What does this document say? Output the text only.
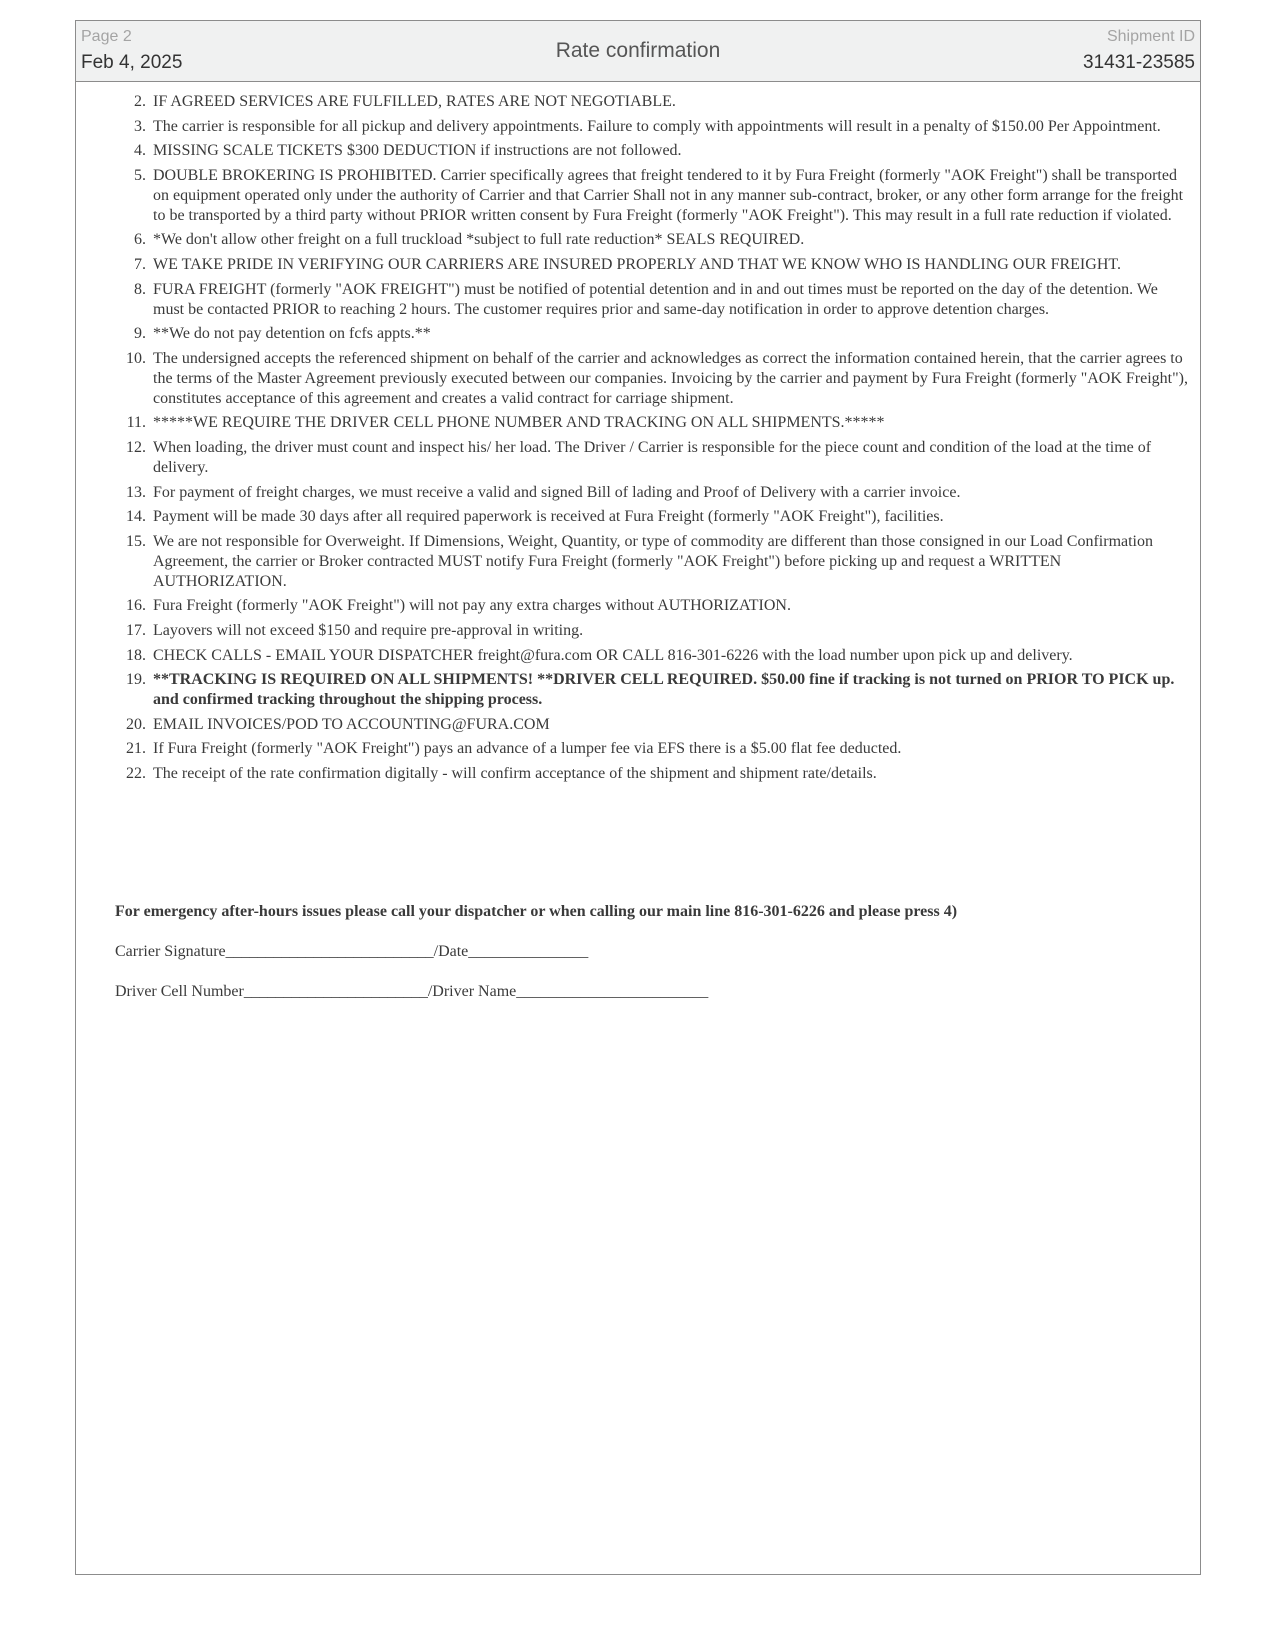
Page 2
Feb 4, 2025
Rate confirmation
Shipment ID
31431-23585
2. IF AGREED SERVICES ARE FULFILLED, RATES ARE NOT NEGOTIABLE.
3. The carrier is responsible for all pickup and delivery appointments. Failure to comply with appointments will result in a penalty of $150.00 Per Appointment.
4. MISSING SCALE TICKETS $300 DEDUCTION if instructions are not followed.
5. DOUBLE BROKERING IS PROHIBITED. Carrier specifically agrees that freight tendered to it by Fura Freight (formerly "AOK Freight") shall be transported on equipment operated only under the authority of Carrier and that Carrier Shall not in any manner sub-contract, broker, or any other form arrange for the freight to be transported by a third party without PRIOR written consent by Fura Freight (formerly "AOK Freight"). This may result in a full rate reduction if violated.
6. *We don't allow other freight on a full truckload *subject to full rate reduction* SEALS REQUIRED.
7. WE TAKE PRIDE IN VERIFYING OUR CARRIERS ARE INSURED PROPERLY AND THAT WE KNOW WHO IS HANDLING OUR FREIGHT.
8. FURA FREIGHT (formerly "AOK FREIGHT") must be notified of potential detention and in and out times must be reported on the day of the detention. We must be contacted PRIOR to reaching 2 hours. The customer requires prior and same-day notification in order to approve detention charges.
9. **We do not pay detention on fcfs appts.**
10. The undersigned accepts the referenced shipment on behalf of the carrier and acknowledges as correct the information contained herein, that the carrier agrees to the terms of the Master Agreement previously executed between our companies. Invoicing by the carrier and payment by Fura Freight (formerly "AOK Freight"), constitutes acceptance of this agreement and creates a valid contract for carriage shipment.
11. *****WE REQUIRE THE DRIVER CELL PHONE NUMBER AND TRACKING ON ALL SHIPMENTS.*****
12. When loading, the driver must count and inspect his/ her load. The Driver / Carrier is responsible for the piece count and condition of the load at the time of delivery.
13. For payment of freight charges, we must receive a valid and signed Bill of lading and Proof of Delivery with a carrier invoice.
14. Payment will be made 30 days after all required paperwork is received at Fura Freight (formerly "AOK Freight"), facilities.
15. We are not responsible for Overweight. If Dimensions, Weight, Quantity, or type of commodity are different than those consigned in our Load Confirmation Agreement, the carrier or Broker contracted MUST notify Fura Freight (formerly "AOK Freight") before picking up and request a WRITTEN AUTHORIZATION.
16. Fura Freight (formerly "AOK Freight") will not pay any extra charges without AUTHORIZATION.
17. Layovers will not exceed $150 and require pre-approval in writing.
18. CHECK CALLS - EMAIL YOUR DISPATCHER freight@fura.com OR CALL 816-301-6226 with the load number upon pick up and delivery.
19. **TRACKING IS REQUIRED ON ALL SHIPMENTS! **DRIVER CELL REQUIRED. $50.00 fine if tracking is not turned on PRIOR TO PICK up. and confirmed tracking throughout the shipping process.
20. EMAIL INVOICES/POD TO ACCOUNTING@FURA.COM
21. If Fura Freight (formerly "AOK Freight") pays an advance of a lumper fee via EFS there is a $5.00 flat fee deducted.
22. The receipt of the rate confirmation digitally - will confirm acceptance of the shipment and shipment rate/details.
For emergency after-hours issues please call your dispatcher or when calling our main line 816-301-6226 and please press 4)
Carrier Signature__________________________/Date_______________
Driver Cell Number_______________________/Driver Name________________________
